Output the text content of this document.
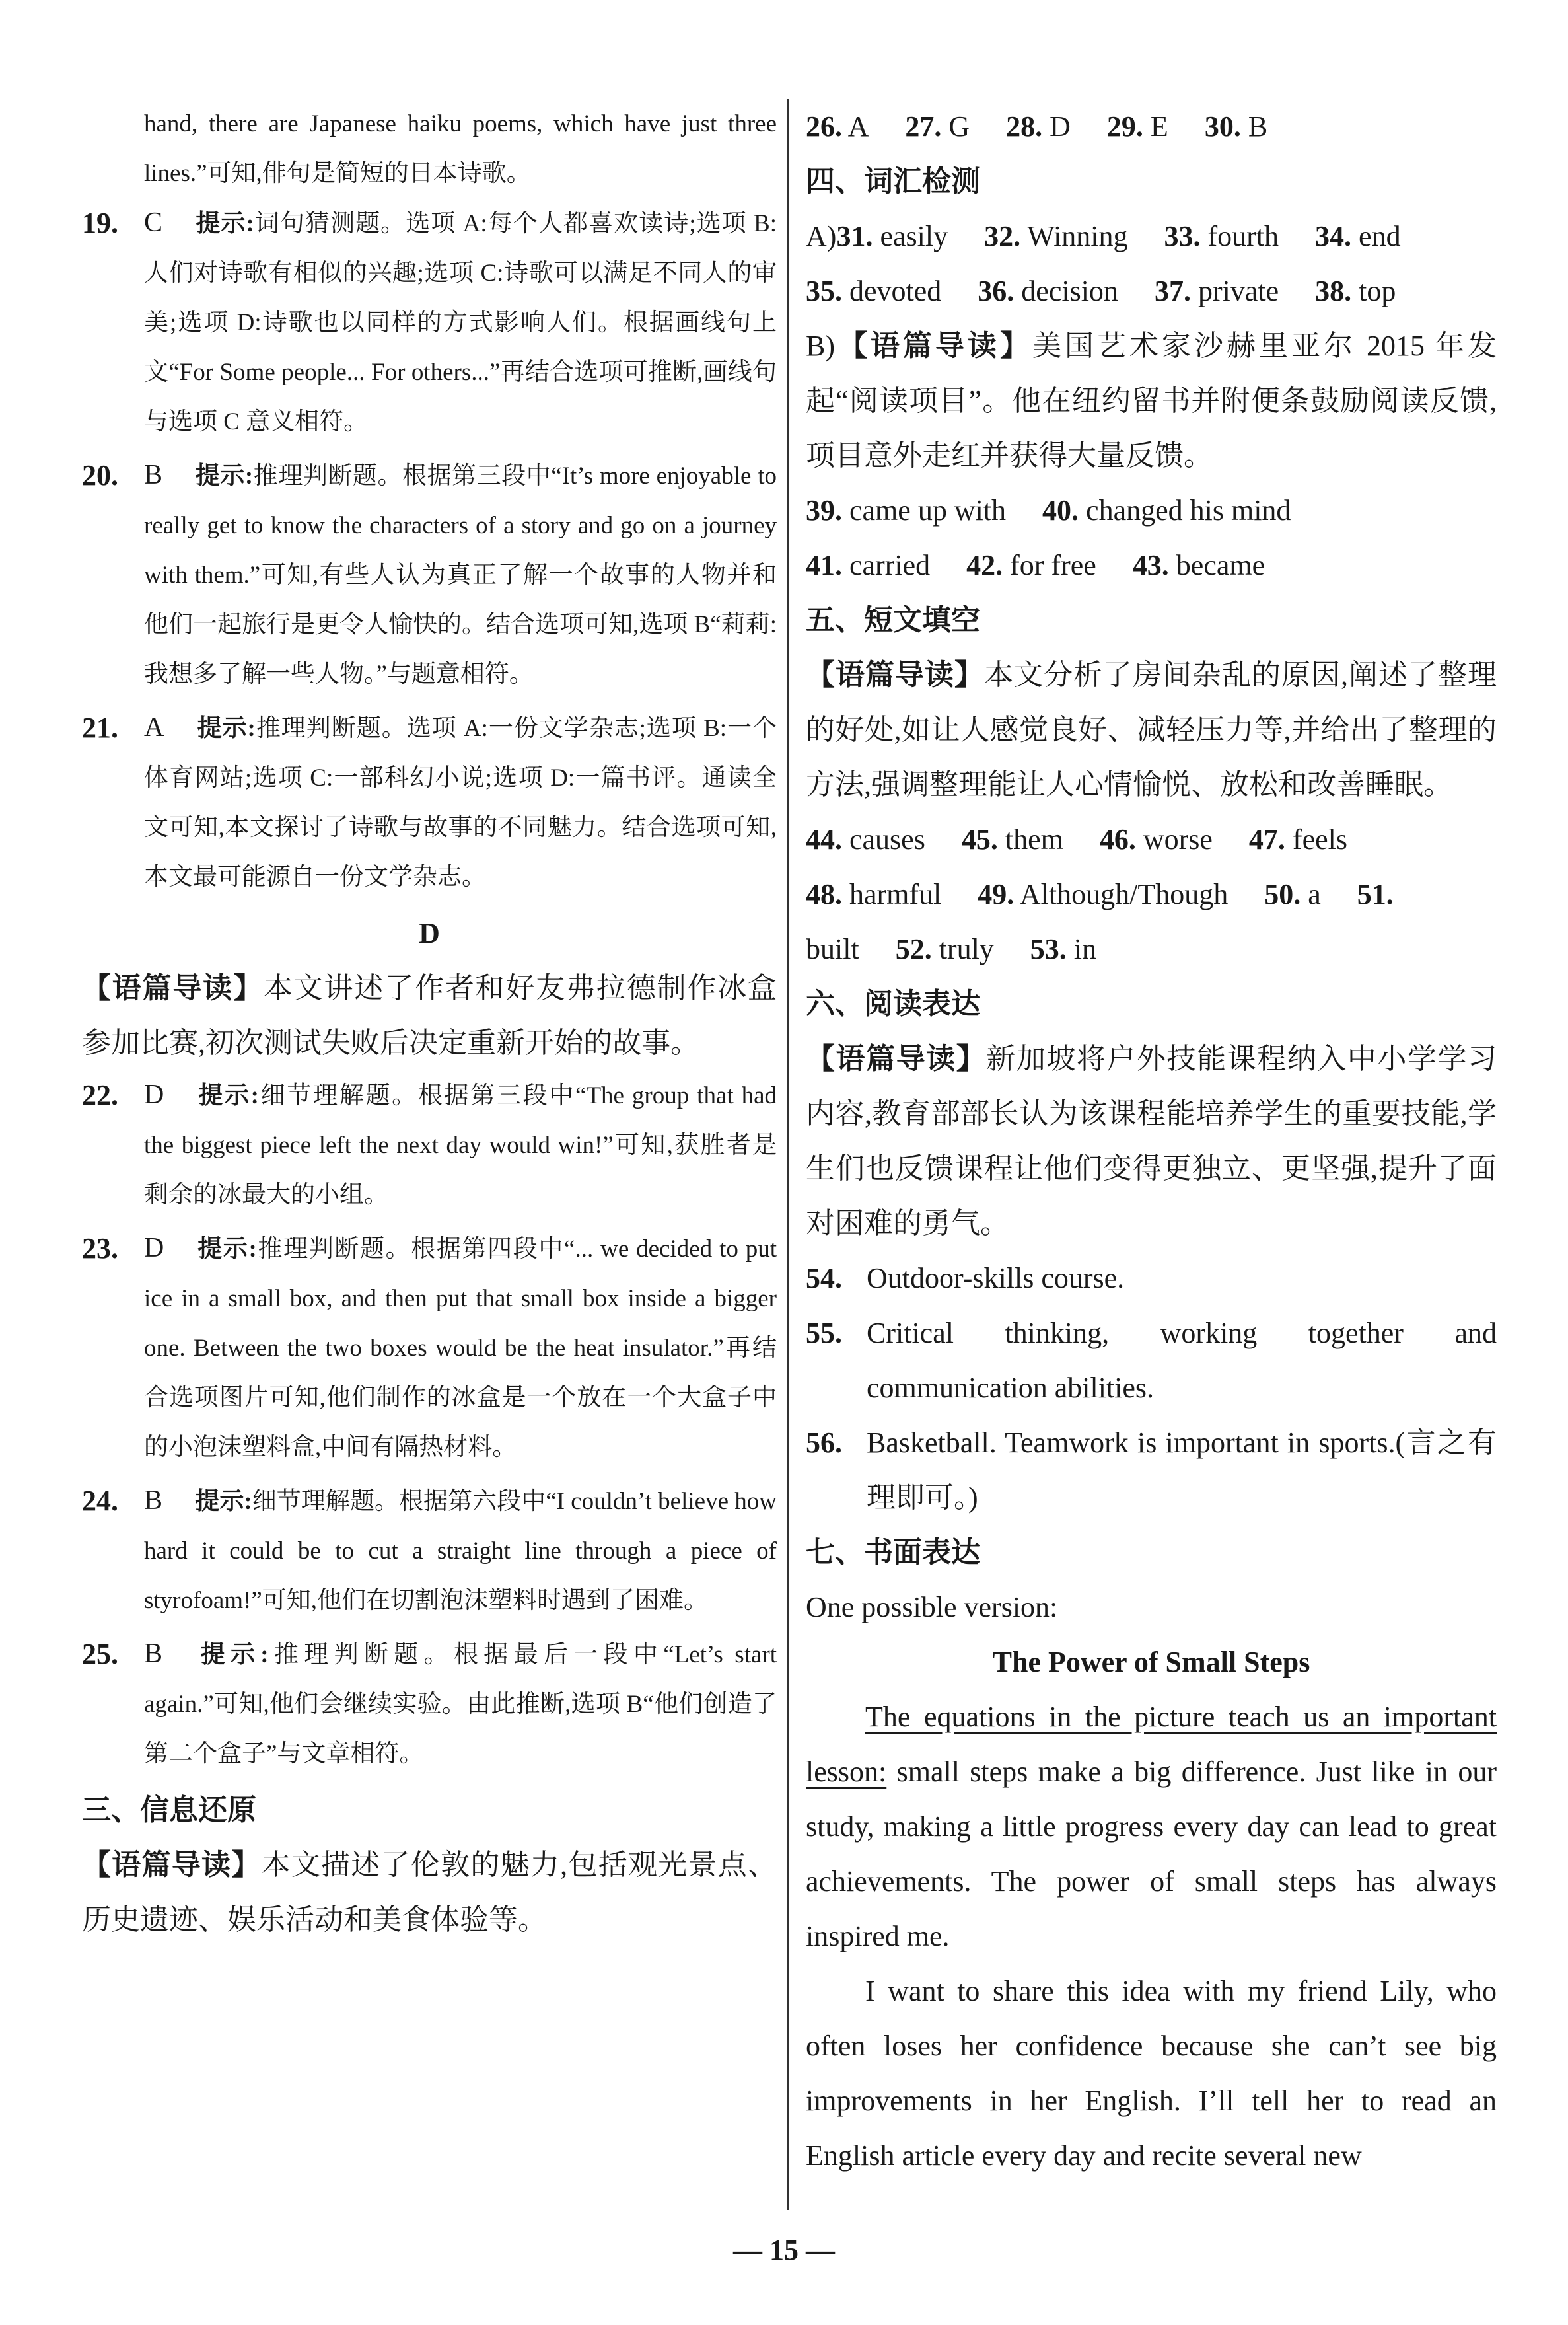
hand, there are Japanese haiku poems, which have just three lines.”可知,俳句是简短的日本诗歌。
19. C 提示:词句猜测题。选项 A:每个人都喜欢读诗;选项 B:人们对诗歌有相似的兴趣;选项 C:诗歌可以满足不同人的审美;选项 D:诗歌也以同样的方式影响人们。根据画线句上文“For Some people... For others...”再结合选项可推断,画线句与选项 C 意义相符。
20. B 提示:推理判断题。根据第三段中“It’s more enjoyable to really get to know the characters of a story and go on a journey with them.”可知,有些人认为真正了解一个故事的人物并和他们一起旅行是更令人愉快的。结合选项可知,选项 B“莉莉:我想多了解一些人物。”与题意相符。
21. A 提示:推理判断题。选项 A:一份文学杂志;选项 B:一个体育网站;选项 C:一部科幻小说;选项 D:一篇书评。通读全文可知,本文探讨了诗歌与故事的不同魅力。结合选项可知,本文最可能源自一份文学杂志。
D
【语篇导读】本文讲述了作者和好友弗拉德制作冰盒参加比赛,初次测试失败后决定重新开始的故事。
22. D 提示:细节理解题。根据第三段中“The group that had the biggest piece left the next day would win!”可知,获胜者是剩余的冰最大的小组。
23. D 提示:推理判断题。根据第四段中“... we decided to put ice in a small box, and then put that small box inside a bigger one. Between the two boxes would be the heat insulator.”再结合选项图片可知,他们制作的冰盒是一个放在一个大盒子中的小泡沫塑料盒,中间有隔热材料。
24. B 提示:细节理解题。根据第六段中“I couldn’t believe how hard it could be to cut a straight line through a piece of styrofoam!”可知,他们在切割泡沫塑料时遇到了困难。
25. B 提示:推理判断题。根据最后一段中“Let’s start again.”可知,他们会继续实验。由此推断,选项 B“他们创造了第二个盒子”与文章相符。
三、信息还原
【语篇导读】本文描述了伦敦的魅力,包括观光景点、历史遗迹、娱乐活动和美食体验等。
26. A 27. G 28. D 29. E 30. B
四、词汇检测
A)31. easily 32. Winning 33. fourth 34. end
35. devoted 36. decision 37. private 38. top
B)【语篇导读】美国艺术家沙赫里亚尔 2015 年发起“阅读项目”。他在纽约留书并附便条鼓励阅读反馈,项目意外走红并获得大量反馈。
39. came up with 40. changed his mind
41. carried 42. for free 43. became
五、短文填空
【语篇导读】本文分析了房间杂乱的原因,阐述了整理的好处,如让人感觉良好、减轻压力等,并给出了整理的方法,强调整理能让人心情愉悦、放松和改善睡眠。
44. causes 45. them 46. worse 47. feels
48. harmful 49. Although/Though 50. a 51.
built 52. truly 53. in
六、阅读表达
【语篇导读】新加坡将户外技能课程纳入中小学学习内容,教育部部长认为该课程能培养学生的重要技能,学生们也反馈课程让他们变得更独立、更坚强,提升了面对困难的勇气。
54. Outdoor-skills course.
55. Critical thinking, working together and communication abilities.
56. Basketball. Teamwork is important in sports.(言之有理即可。)
七、书面表达
One possible version:
The Power of Small Steps
The equations in the picture teach us an important lesson: small steps make a big difference. Just like in our study, making a little progress every day can lead to great achievements. The power of small steps has always inspired me.
I want to share this idea with my friend Lily, who often loses her confidence because she can’t see big improvements in her English. I’ll tell her to read an English article every day and recite several new
— 15 —
